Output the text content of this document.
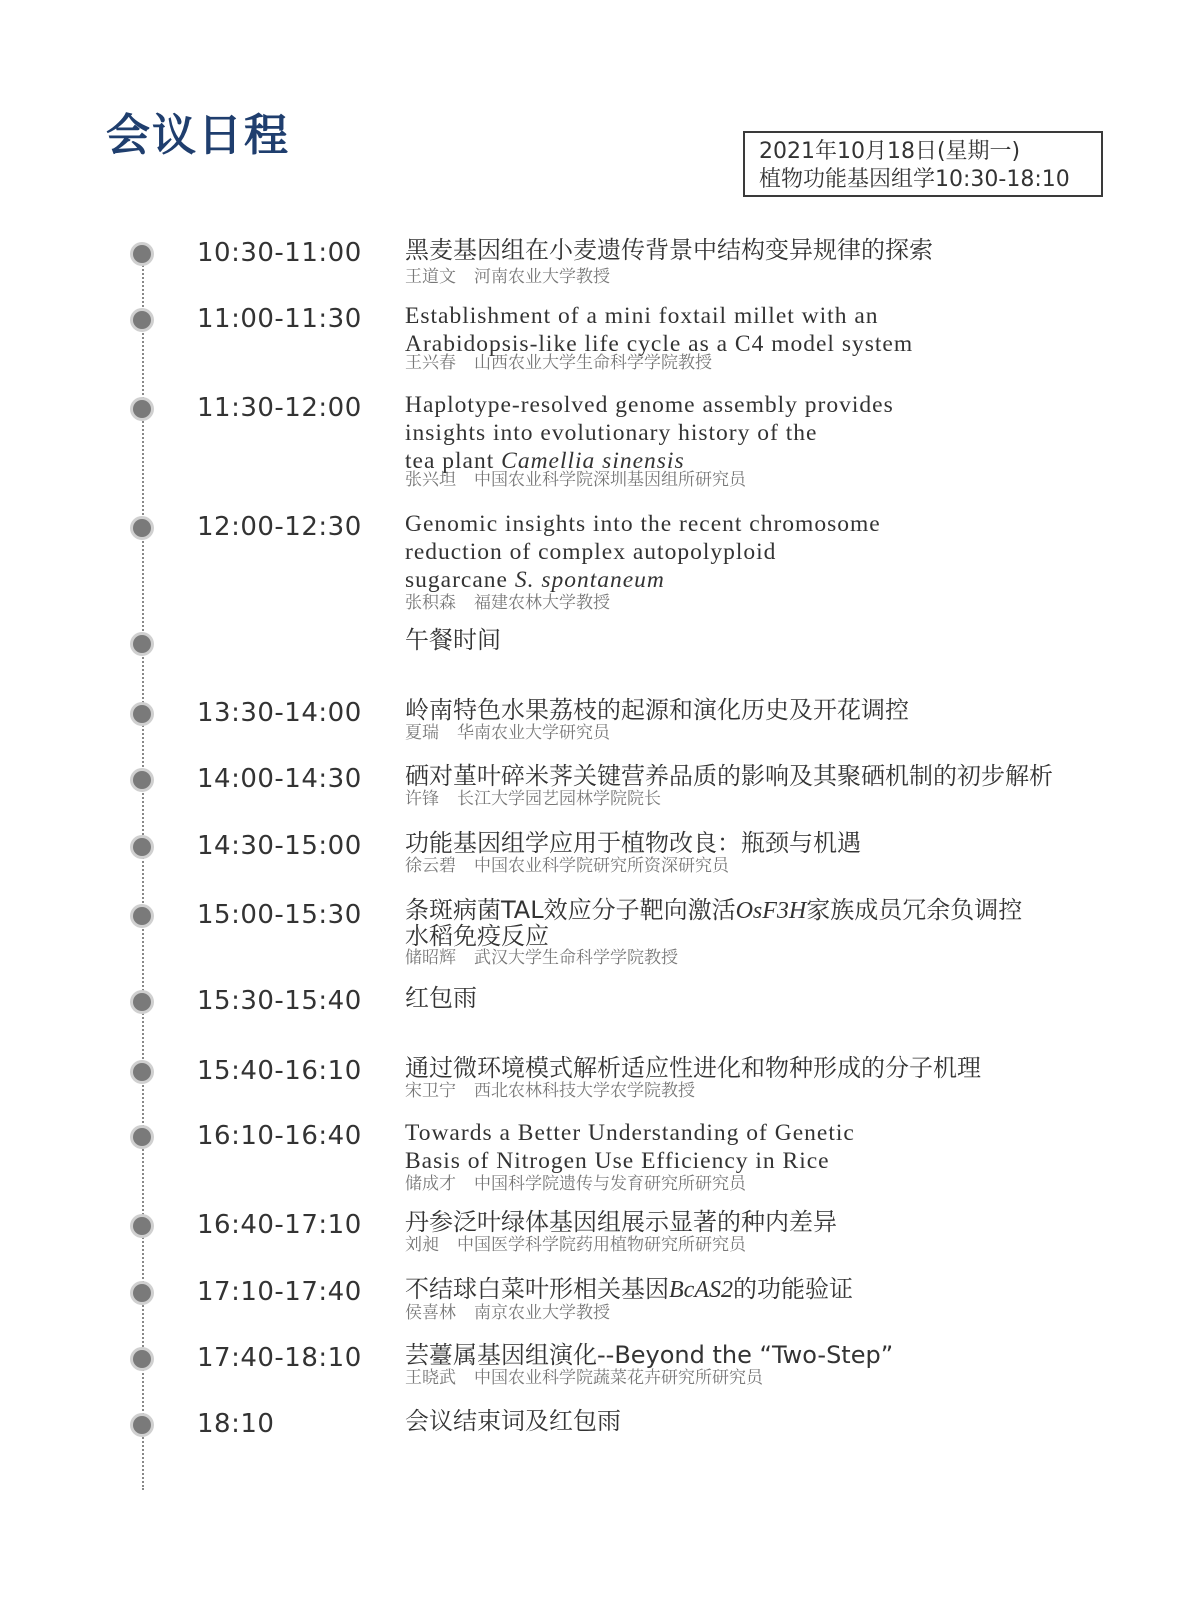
会议日程	2021年10月18日(星期一)
植物功能基因组学10:30-18:10
10:30-11:00 黑麦基因组在小麦遗传背景中结构变异规律的探索
王道文 河南农业大学教授
11:00-11:30 Establishment of a mini foxtail millet with an
Arabidopsis-like life cycle as a C4 model system
王兴春 山西农业大学生命科学学院教授
11:30-12:00 Haplotype-resolved genome assembly provides
insights into evolutionary history of the
tea plant Camellia sinensis
张兴坦 中国农业科学院深圳基因组所研究员
12:00-12:30 Genomic insights into the recent chromosome
reduction of complex autopolyploid
sugarcane S. spontaneum
张积森 福建农林大学教授
午餐时间
13:30-14:00 岭南特色水果荔枝的起源和演化历史及开花调控
夏瑞 华南农业大学研究员
14:00-14:30 硒对堇叶碎米荠关键营养品质的影响及其聚硒机制的初步解析
许锋 长江大学园艺园林学院院长
14:30-15:00 功能基因组学应用于植物改良：瓶颈与机遇
徐云碧 中国农业科学院研究所资深研究员
15:00-15:30 条斑病菌TAL效应分子靶向激活OsF3H家族成员冗余负调控
水稻免疫反应
储昭辉 武汉大学生命科学学院教授
15:30-15:40 红包雨
15:40-16:10 通过微环境模式解析适应性进化和物种形成的分子机理
宋卫宁 西北农林科技大学农学院教授
16:10-16:40 Towards a Better Understanding of Genetic
Basis of Nitrogen Use Efficiency in Rice
储成才 中国科学院遗传与发育研究所研究员
16:40-17:10 丹参泛叶绿体基因组展示显著的种内差异
刘昶 中国医学科学院药用植物研究所研究员
17:10-17:40 不结球白菜叶形相关基因BcAS2的功能验证
侯喜林 南京农业大学教授
17:40-18:10 芸薹属基因组演化--Beyond the “Two-Step”
王晓武 中国农业科学院蔬菜花卉研究所研究员
18:10	会议结束词及红包雨
